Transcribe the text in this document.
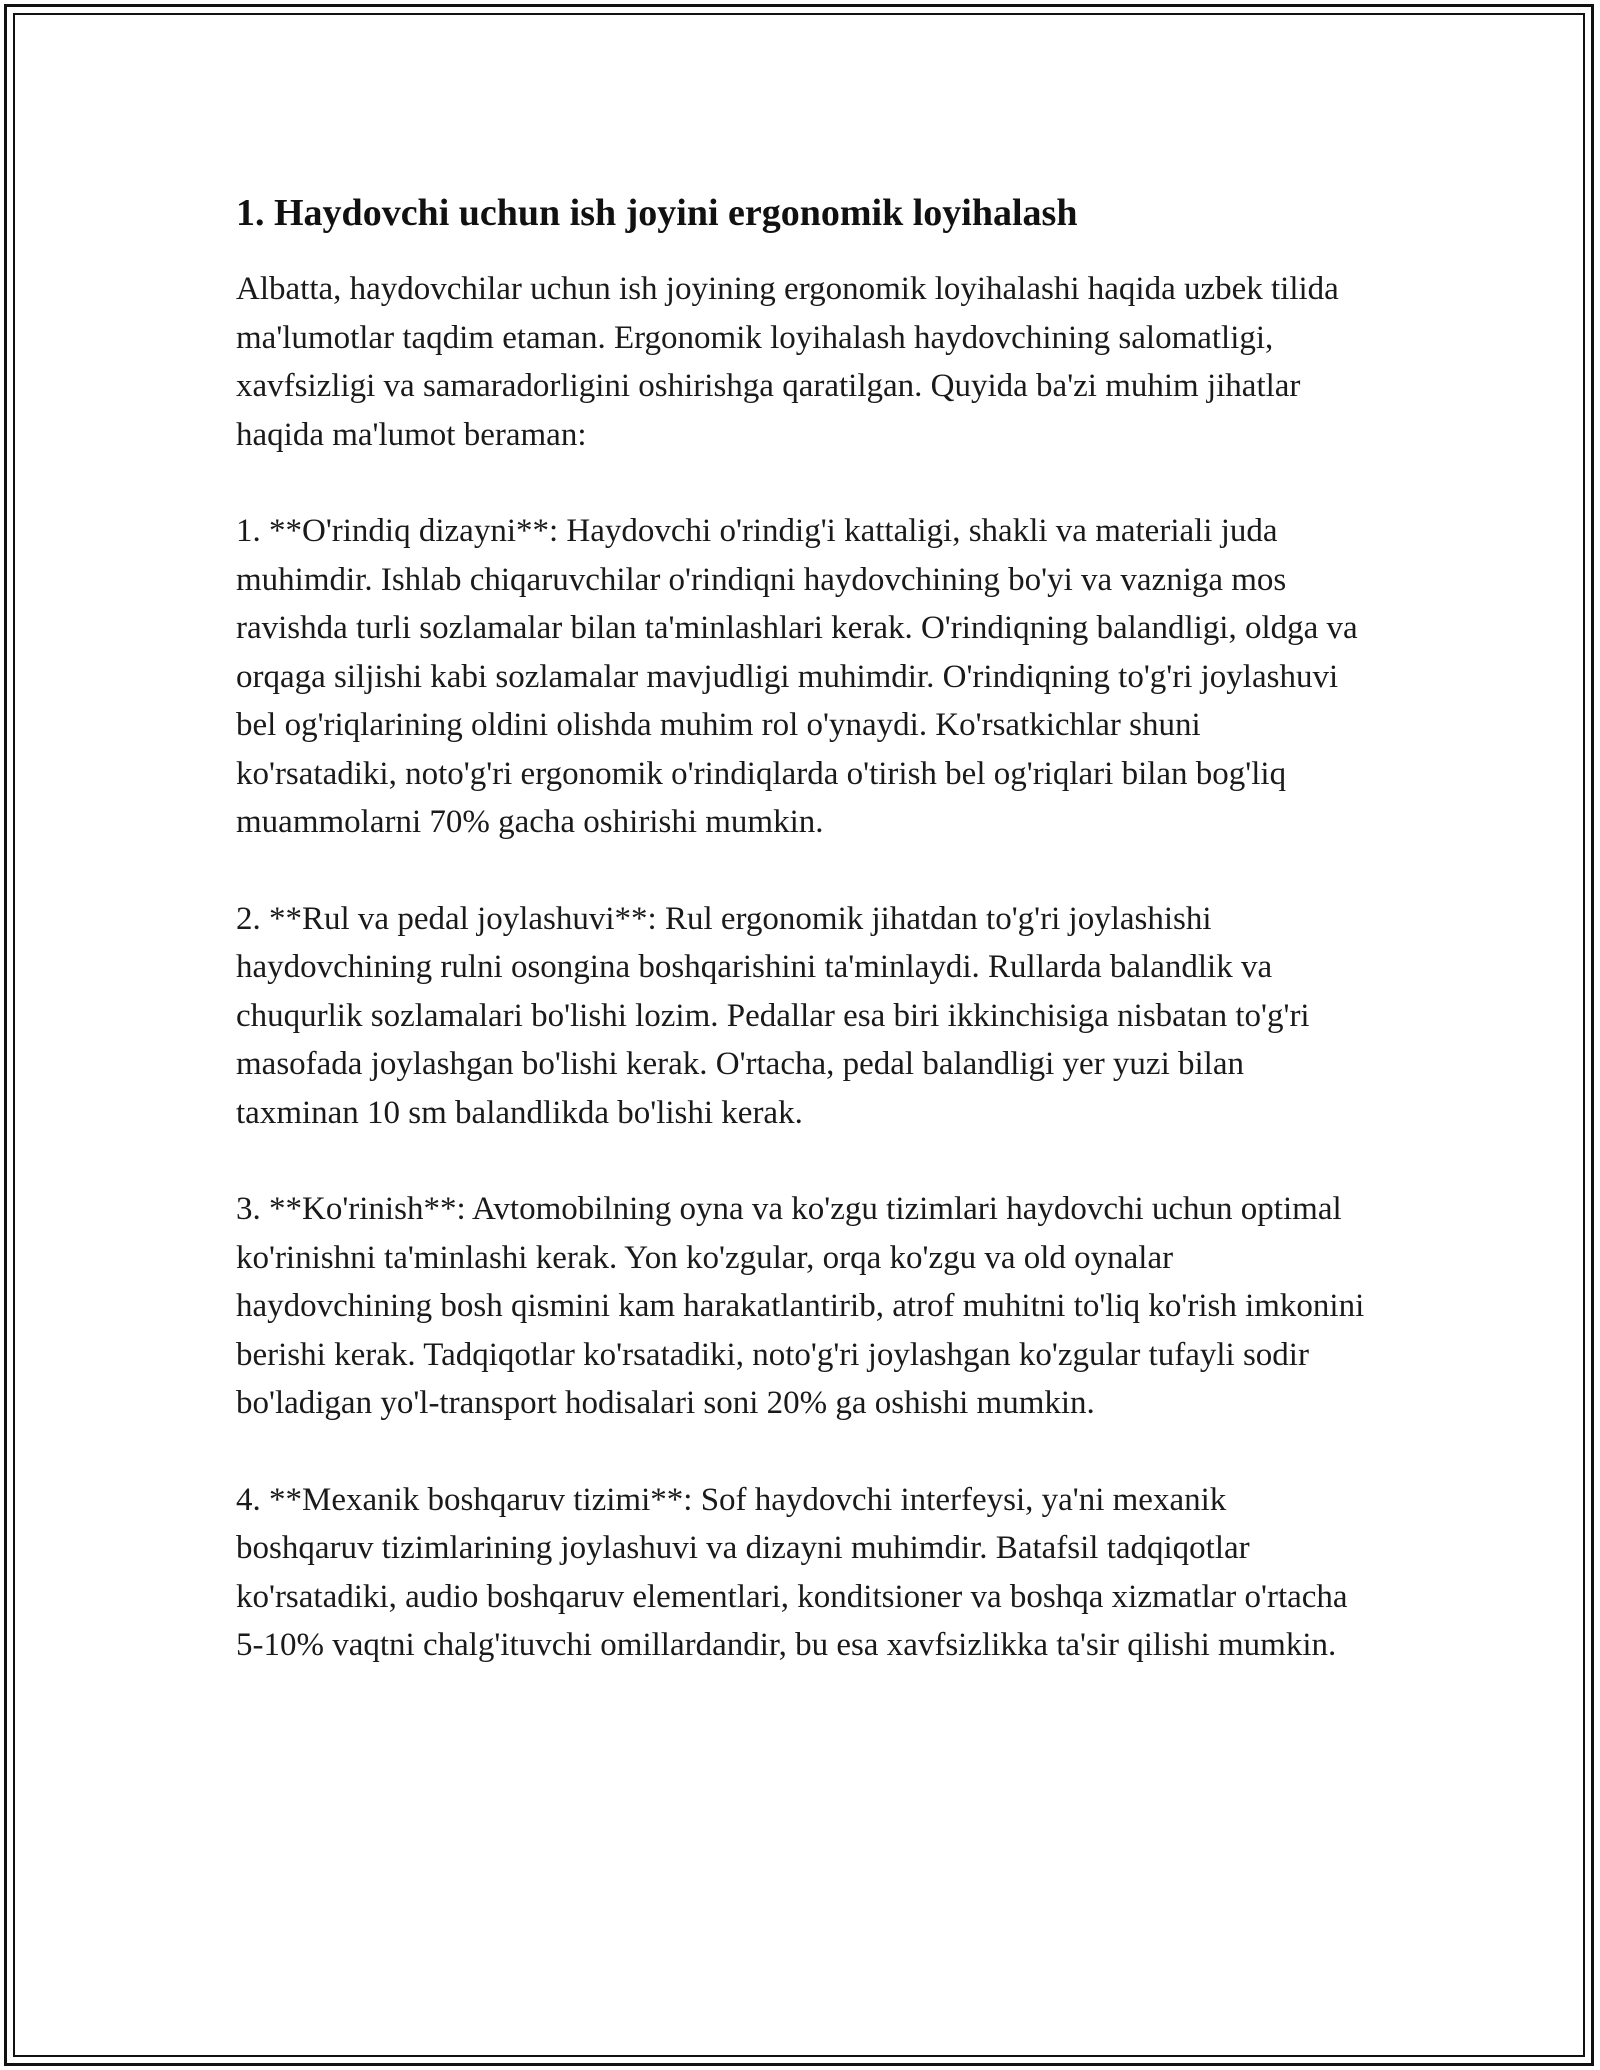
1. Haydovchi uchun ish joyini ergonomik loyihalash

Albatta, haydovchilar uchun ish joyining ergonomik loyihalashi haqida uzbek tilida ma'lumotlar taqdim etaman. Ergonomik loyihalash haydovchining salomatligi, xavfsizligi va samaradorligini oshirishga qaratilgan. Quyida ba'zi muhim jihatlar haqida ma'lumot beraman:

1. **O'rindiq dizayni**: Haydovchi o'rindig'i kattaligi, shakli va materiali juda muhimdir. Ishlab chiqaruvchilar o'rindiqni haydovchining bo'yi va vazniga mos ravishda turli sozlamalar bilan ta'minlashlari kerak. O'rindiqning balandligi, oldga va orqaga siljishi kabi sozlamalar mavjudligi muhimdir. O'rindiqning to'g'ri joylashuvi bel og'riqlarining oldini olishda muhim rol o'ynaydi. Ko'rsatkichlar shuni ko'rsatadiki, noto'g'ri ergonomik o'rindiqlarda o'tirish bel og'riqlari bilan bog'liq muammolarni 70% gacha oshirishi mumkin.

2. **Rul va pedal joylashuvi**: Rul ergonomik jihatdan to'g'ri joylashishi haydovchining rulni osongina boshqarishini ta'minlaydi. Rullarda balandlik va chuqurlik sozlamalari bo'lishi lozim. Pedallar esa biri ikkinchisiga nisbatan to'g'ri masofada joylashgan bo'lishi kerak. O'rtacha, pedal balandligi yer yuzi bilan taxminan 10 sm balandlikda bo'lishi kerak.

3. **Ko'rinish**: Avtomobilning oyna va ko'zgu tizimlari haydovchi uchun optimal ko'rinishni ta'minlashi kerak. Yon ko'zgular, orqa ko'zgu va old oynalar haydovchining bosh qismini kam harakatlantirib, atrof muhitni to'liq ko'rish imkonini berishi kerak. Tadqiqotlar ko'rsatadiki, noto'g'ri joylashgan ko'zgular tufayli sodir bo'ladigan yo'l-transport hodisalari soni 20% ga oshishi mumkin.

4. **Mexanik boshqaruv tizimi**: Sof haydovchi interfeysi, ya'ni mexanik boshqaruv tizimlarining joylashuvi va dizayni muhimdir. Batafsil tadqiqotlar ko'rsatadiki, audio boshqaruv elementlari, konditsioner va boshqa xizmatlar o'rtacha 5-10% vaqtni chalg'ituvchi omillardandir, bu esa xavfsizlikka ta'sir qilishi mumkin.
